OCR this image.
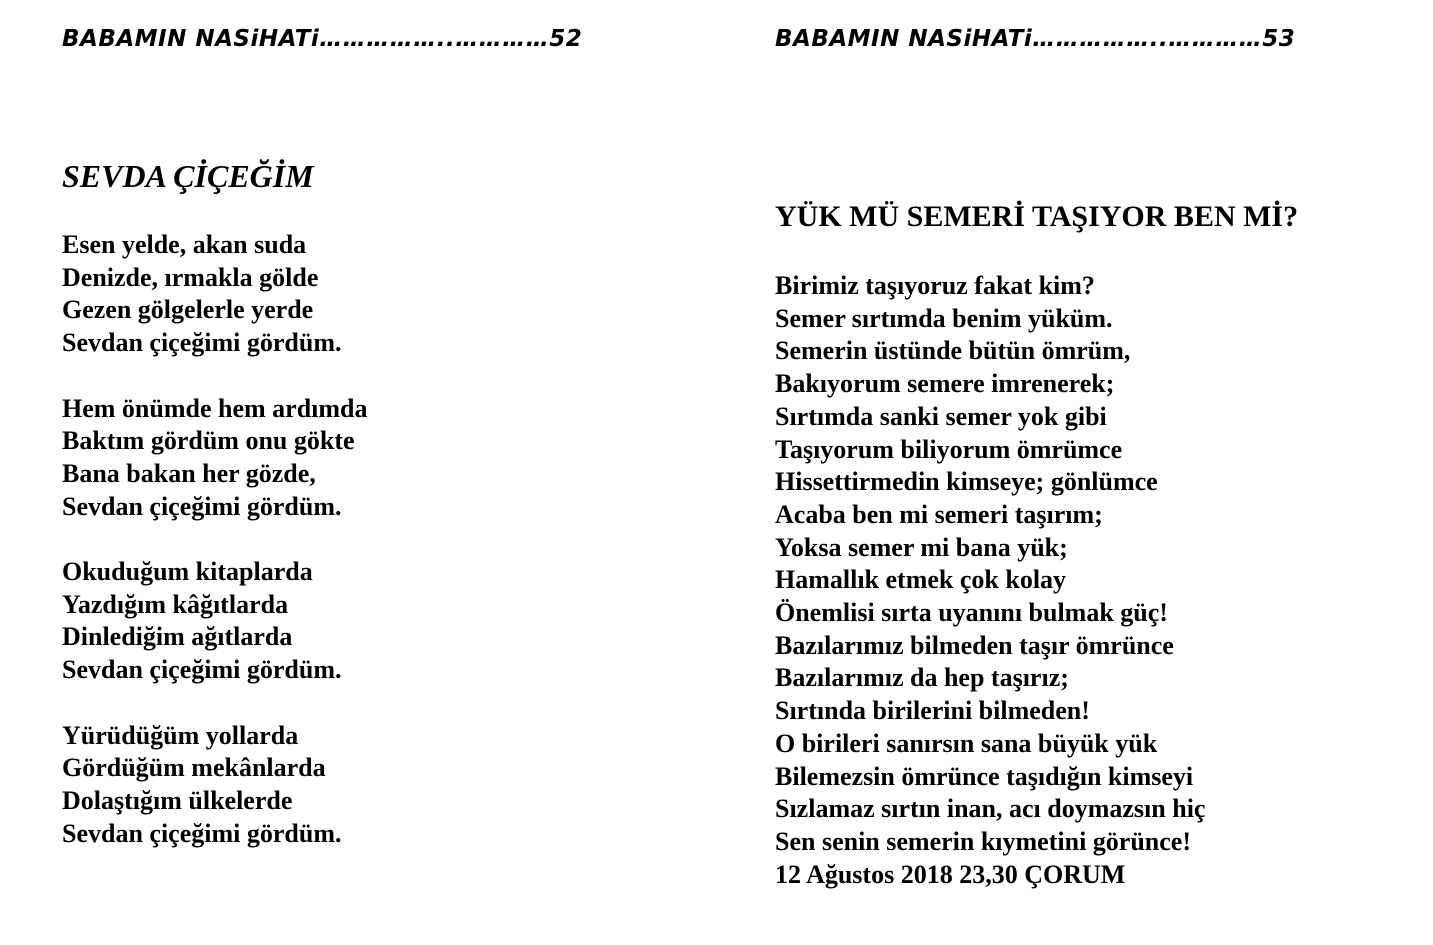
BABAMIN NASiHATi……………..…………52
SEVDA ÇİÇEĞİM
Esen yelde, akan suda
Denizde, ırmakla gölde
Gezen gölgelerle yerde
Sevdan çiçeğimi gördüm.
Hem önümde hem ardımda
Baktım gördüm onu gökte
Bana bakan her gözde,
Sevdan çiçeğimi gördüm.
Okuduğum kitaplarda
Yazdığım kâğıtlarda
Dinlediğim ağıtlarda
Sevdan çiçeğimi gördüm.
Yürüdüğüm yollarda
Gördüğüm mekânlarda
Dolaştığım ülkelerde
Sevdan çiçeğimi gördüm.
BABAMIN NASiHATi……………..…………53
YÜK MÜ SEMERİ TAŞIYOR BEN Mİ?
Birimiz taşıyoruz fakat kim?
Semer sırtımda benim yüküm.
Semerin üstünde bütün ömrüm,
Bakıyorum semere imrenerek;
Sırtımda sanki semer yok gibi
Taşıyorum biliyorum ömrümce
Hissettirmedin kimseye; gönlümce
Acaba ben mi semeri taşırım;
Yoksa semer mi bana yük;
Hamallık etmek çok kolay
Önemlisi sırta uyanını bulmak güç!
Bazılarımız bilmeden taşır ömrünce
Bazılarımız da hep taşırız;
Sırtında birilerini bilmeden!
O birileri sanırsın sana büyük yük
Bilemezsin ömrünce taşıdığın kimseyi
Sızlamaz sırtın inan, acı doymazsın hiç
Sen senin semerin kıymetini görünce!
12 Ağustos 2018 23,30 ÇORUM
